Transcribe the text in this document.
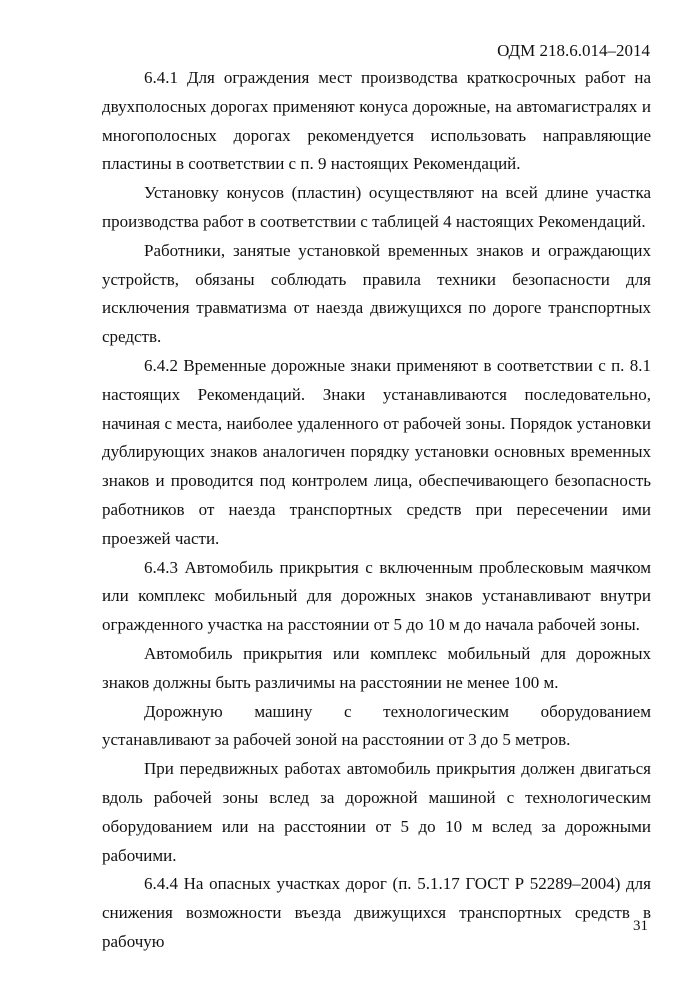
ОДМ 218.6.014–2014

6.4.1 Для ограждения мест производства краткосрочных работ на двухполосных дорогах применяют конуса дорожные, на автомагистралях и многополосных дорогах рекомендуется использовать направляющие пластины в соответствии с п. 9 настоящих Рекомендаций.

Установку конусов (пластин) осуществляют на всей длине участка производства работ в соответствии с таблицей 4 настоящих Рекомендаций.

Работники, занятые установкой временных знаков и ограждающих устройств, обязаны соблюдать правила техники безопасности для исключения травматизма от наезда движущихся по дороге транспортных средств.

6.4.2 Временные дорожные знаки применяют в соответствии с п. 8.1 настоящих Рекомендаций. Знаки устанавливаются последовательно, начиная с места, наиболее удаленного от рабочей зоны. Порядок установки дублирующих знаков аналогичен порядку установки основных временных знаков и проводится под контролем лица, обеспечивающего безопасность работников от наезда транспортных средств при пересечении ими проезжей части.

6.4.3 Автомобиль прикрытия с включенным проблесковым маячком или комплекс мобильный для дорожных знаков устанавливают внутри огражденного участка на расстоянии от 5 до 10 м до начала рабочей зоны.

Автомобиль прикрытия или комплекс мобильный для дорожных знаков должны быть различимы на расстоянии не менее 100 м.

Дорожную машину с технологическим оборудованием устанавливают за рабочей зоной на расстоянии от 3 до 5 метров.

При передвижных работах автомобиль прикрытия должен двигаться вдоль рабочей зоны вслед за дорожной машиной с технологическим оборудованием или на расстоянии от 5 до 10 м вслед за дорожными рабочими.

6.4.4 На опасных участках дорог (п. 5.1.17 ГОСТ Р 52289–2004) для снижения возможности въезда движущихся транспортных средств в рабочую

31
